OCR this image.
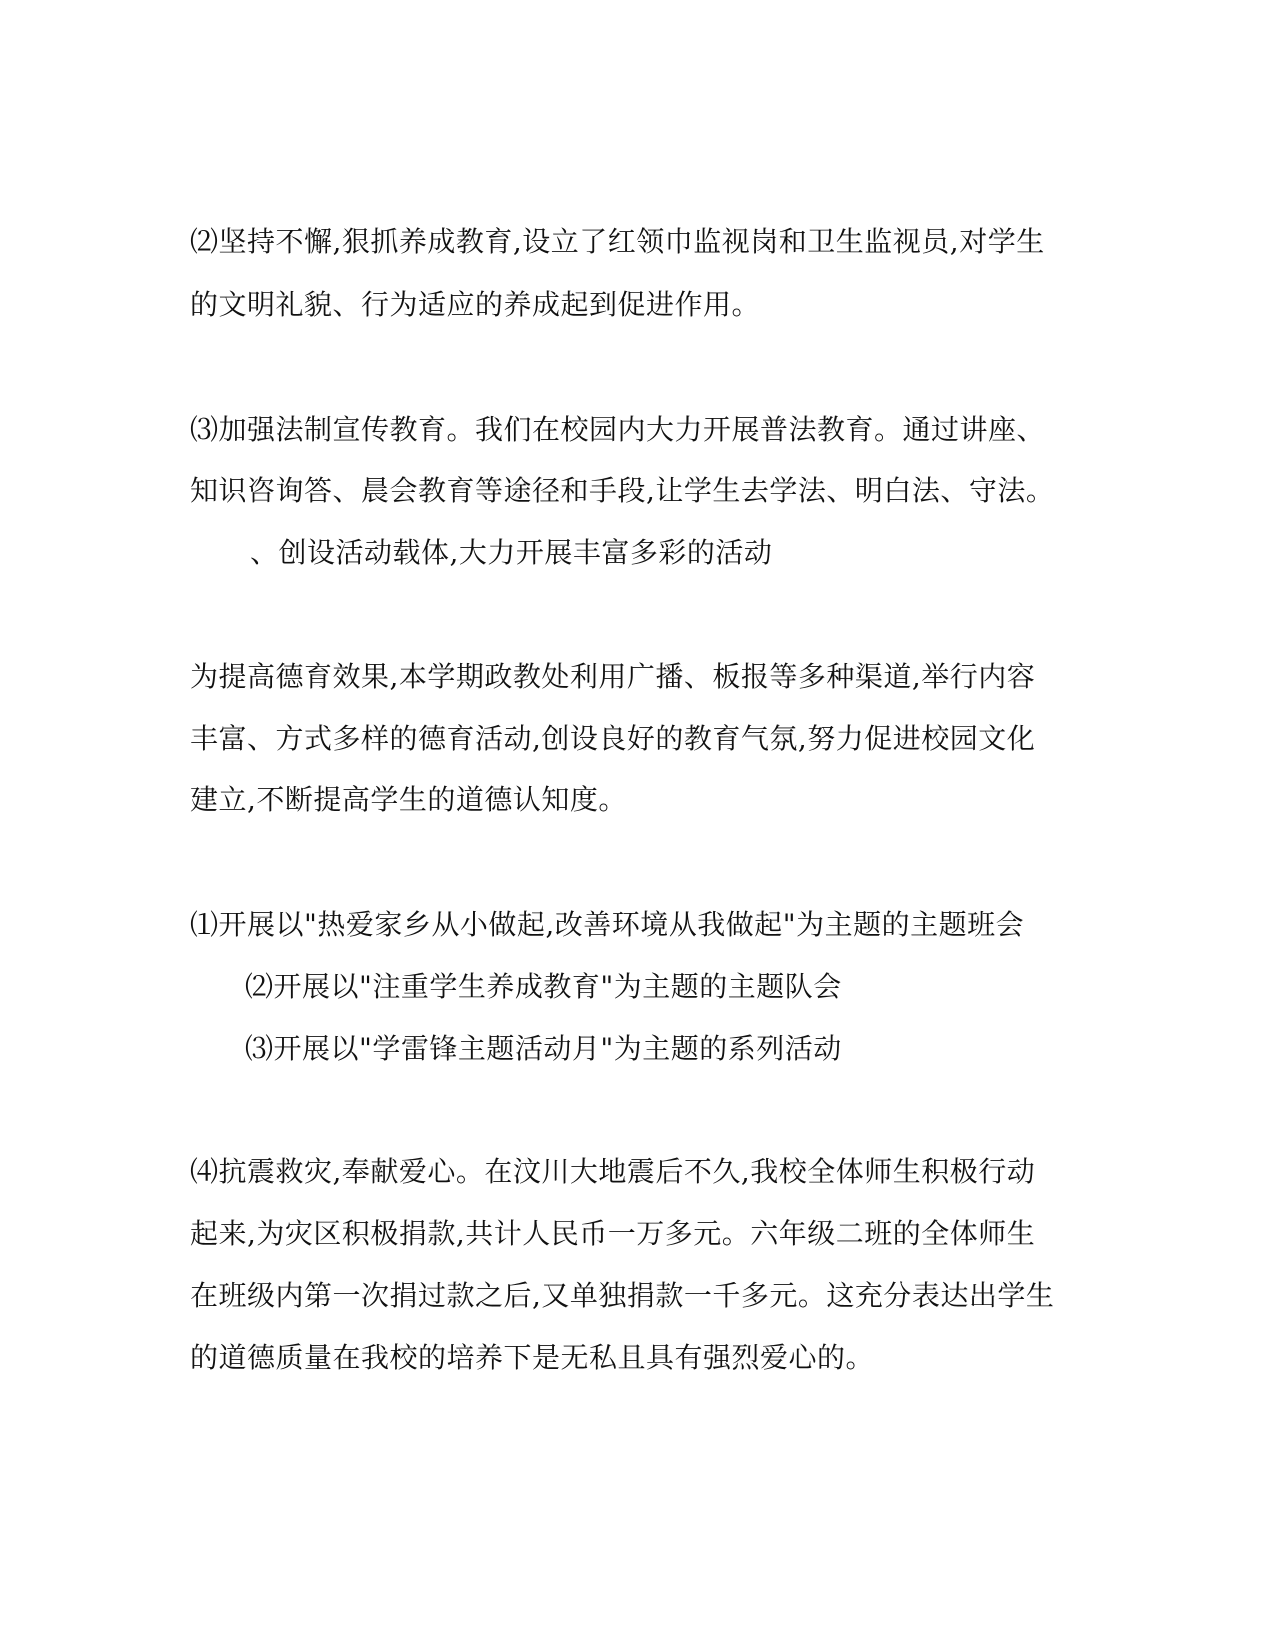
⑵坚持不懈,狠抓养成教育,设立了红领巾监视岗和卫生监视员,对学生
的文明礼貌、行为适应的养成起到促进作用。
⑶加强法制宣传教育。我们在校园内大力开展普法教育。通过讲座、
知识咨询答、晨会教育等途径和手段,让学生去学法、明白法、守法。
、创设活动载体,大力开展丰富多彩的活动
为提高德育效果,本学期政教处利用广播、板报等多种渠道,举行内容
丰富、方式多样的德育活动,创设良好的教育气氛,努力促进校园文化
建立,不断提高学生的道德认知度。
⑴开展以"热爱家乡从小做起,改善环境从我做起"为主题的主题班会
⑵开展以"注重学生养成教育"为主题的主题队会
⑶开展以"学雷锋主题活动月"为主题的系列活动
⑷抗震救灾,奉献爱心。在汶川大地震后不久,我校全体师生积极行动
起来,为灾区积极捐款,共计人民币一万多元。六年级二班的全体师生
在班级内第一次捐过款之后,又单独捐款一千多元。这充分表达出学生
的道德质量在我校的培养下是无私且具有强烈爱心的。
